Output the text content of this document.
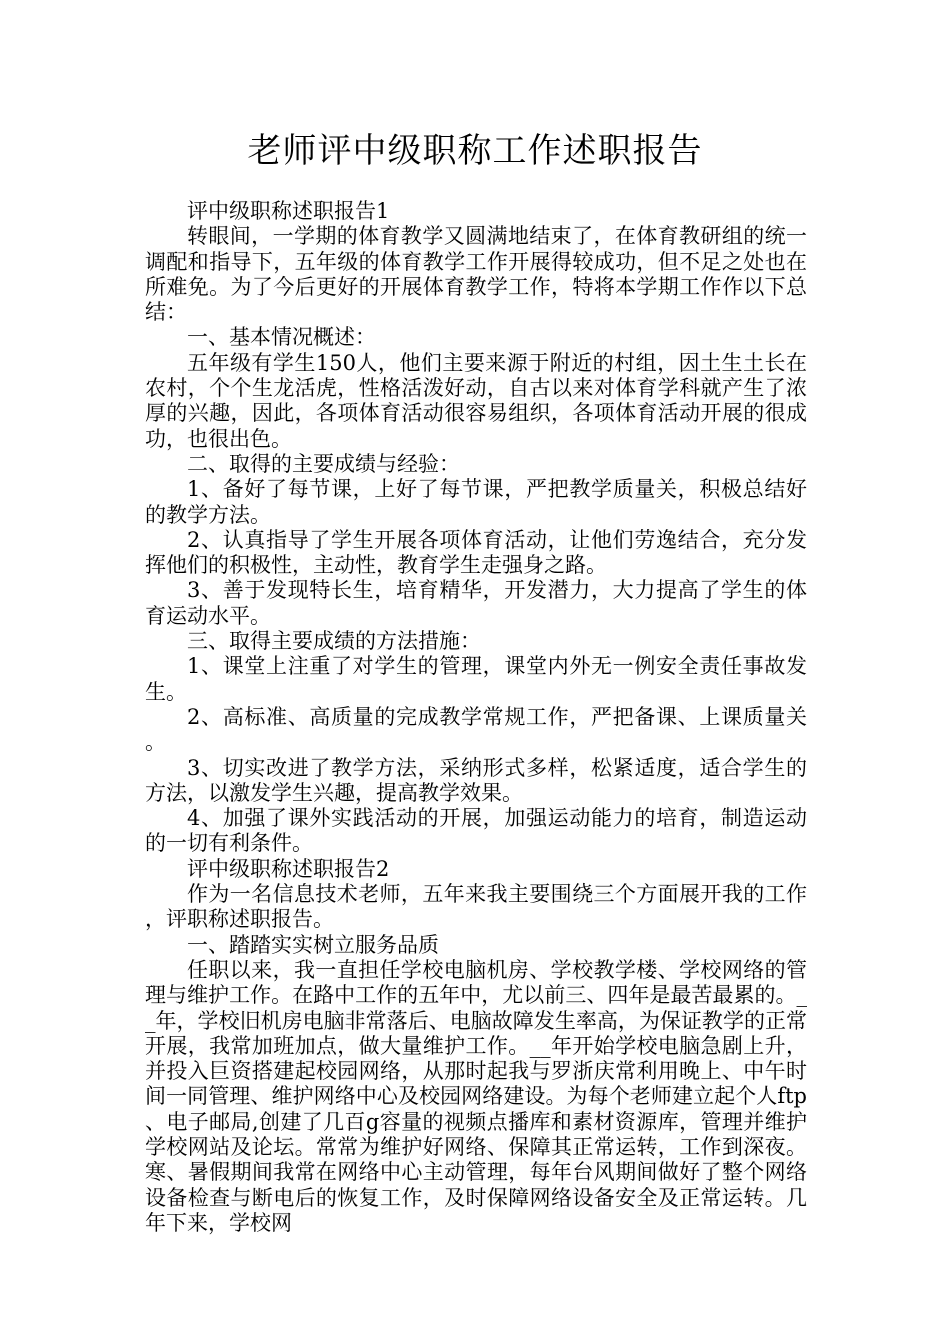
老师评中级职称工作述职报告

评中级职称述职报告1

转眼间，一学期的体育教学又圆满地结束了，在体育教研组的统一调配和指导下，五年级的体育教学工作开展得较成功，但不足之处也在所难免。为了今后更好的开展体育教学工作，特将本学期工作作以下总结：

一、基本情况概述：

五年级有学生150人，他们主要来源于附近的村组，因土生土长在农村，个个生龙活虎，性格活泼好动，自古以来对体育学科就产生了浓厚的兴趣，因此，各项体育活动很容易组织，各项体育活动开展的很成功，也很出色。

二、取得的主要成绩与经验：

1、备好了每节课，上好了每节课，严把教学质量关，积极总结好的教学方法。

2、认真指导了学生开展各项体育活动，让他们劳逸结合，充分发挥他们的积极性，主动性，教育学生走强身之路。

3、善于发现特长生，培育精华，开发潜力，大力提高了学生的体育运动水平。

三、取得主要成绩的方法措施：

1、课堂上注重了对学生的管理，课堂内外无一例安全责任事故发生。

2、高标准、高质量的完成教学常规工作，严把备课、上课质量关。

3、切实改进了教学方法，采纳形式多样，松紧适度，适合学生的方法，以激发学生兴趣，提高教学效果。

4、加强了课外实践活动的开展，加强运动能力的培育，制造运动的一切有利条件。

评中级职称述职报告2

作为一名信息技术老师，五年来我主要围绕三个方面展开我的工作，评职称述职报告。

一、踏踏实实树立服务品质

任职以来，我一直担任学校电脑机房、学校教学楼、学校网络的管理与维护工作。在路中工作的五年中，尤以前三、四年是最苦最累的。__年，学校旧机房电脑非常落后、电脑故障发生率高，为保证教学的正常开展，我常加班加点，做大量维护工作。__年开始学校电脑急剧上升，并投入巨资搭建起校园网络，从那时起我与罗浙庆常利用晚上、中午时间一同管理、维护网络中心及校园网络建设。为每个老师建立起个人ftp、电子邮局,创建了几百g容量的视频点播库和素材资源库，管理并维护学校网站及论坛。常常为维护好网络、保障其正常运转，工作到深夜。寒、暑假期间我常在网络中心主动管理，每年台风期间做好了整个网络设备检查与断电后的恢复工作，及时保障网络设备安全及正常运转。几年下来，学校网
